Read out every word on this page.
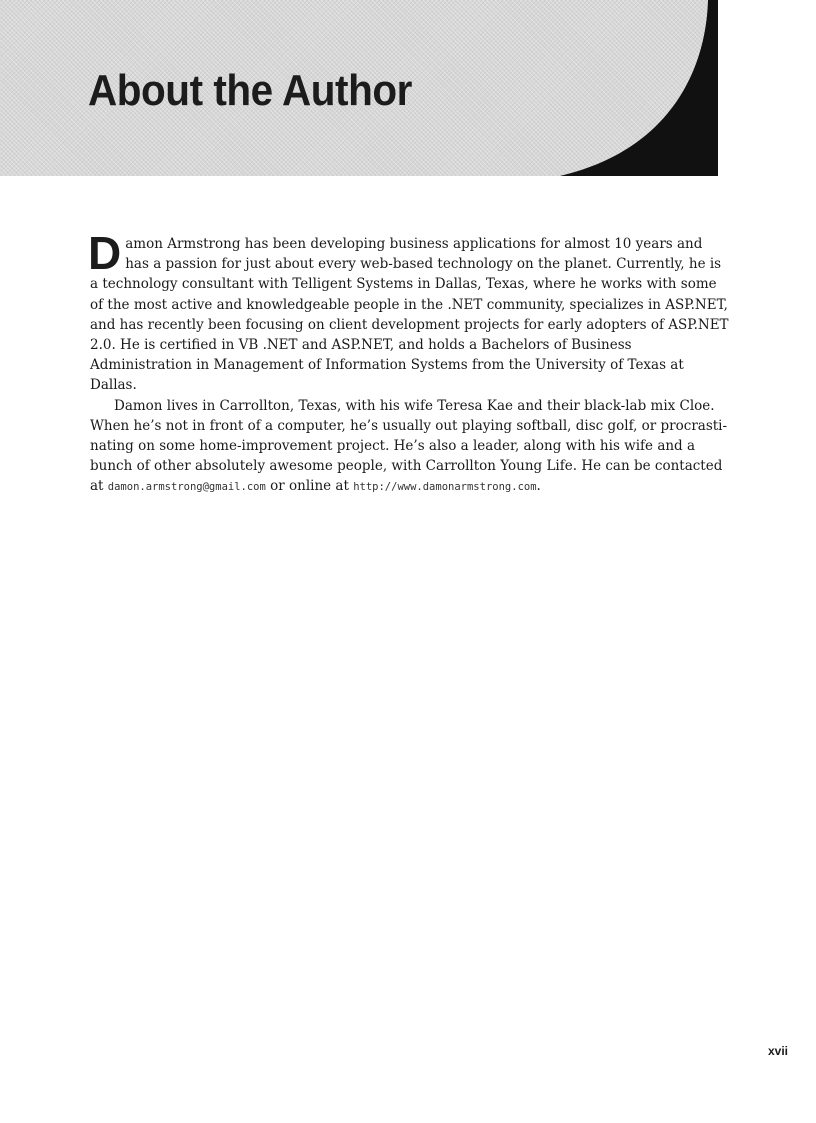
About the Author

Damon Armstrong has been developing business applications for almost 10 years and has a passion for just about every web-based technology on the planet. Currently, he is a technology consultant with Telligent Systems in Dallas, Texas, where he works with some of the most active and knowledgeable people in the .NET community, specializes in ASP.NET, and has recently been focusing on client development projects for early adopters of ASP.NET 2.0. He is certified in VB .NET and ASP.NET, and holds a Bachelors of Business Administration in Management of Information Systems from the University of Texas at Dallas.

Damon lives in Carrollton, Texas, with his wife Teresa Kae and their black-lab mix Cloe. When he’s not in front of a computer, he’s usually out playing softball, disc golf, or procrasti-nating on some home-improvement project. He’s also a leader, along with his wife and a bunch of other absolutely awesome people, with Carrollton Young Life. He can be contacted at damon.armstrong@gmail.com or online at http://www.damonarmstrong.com.

xvii
